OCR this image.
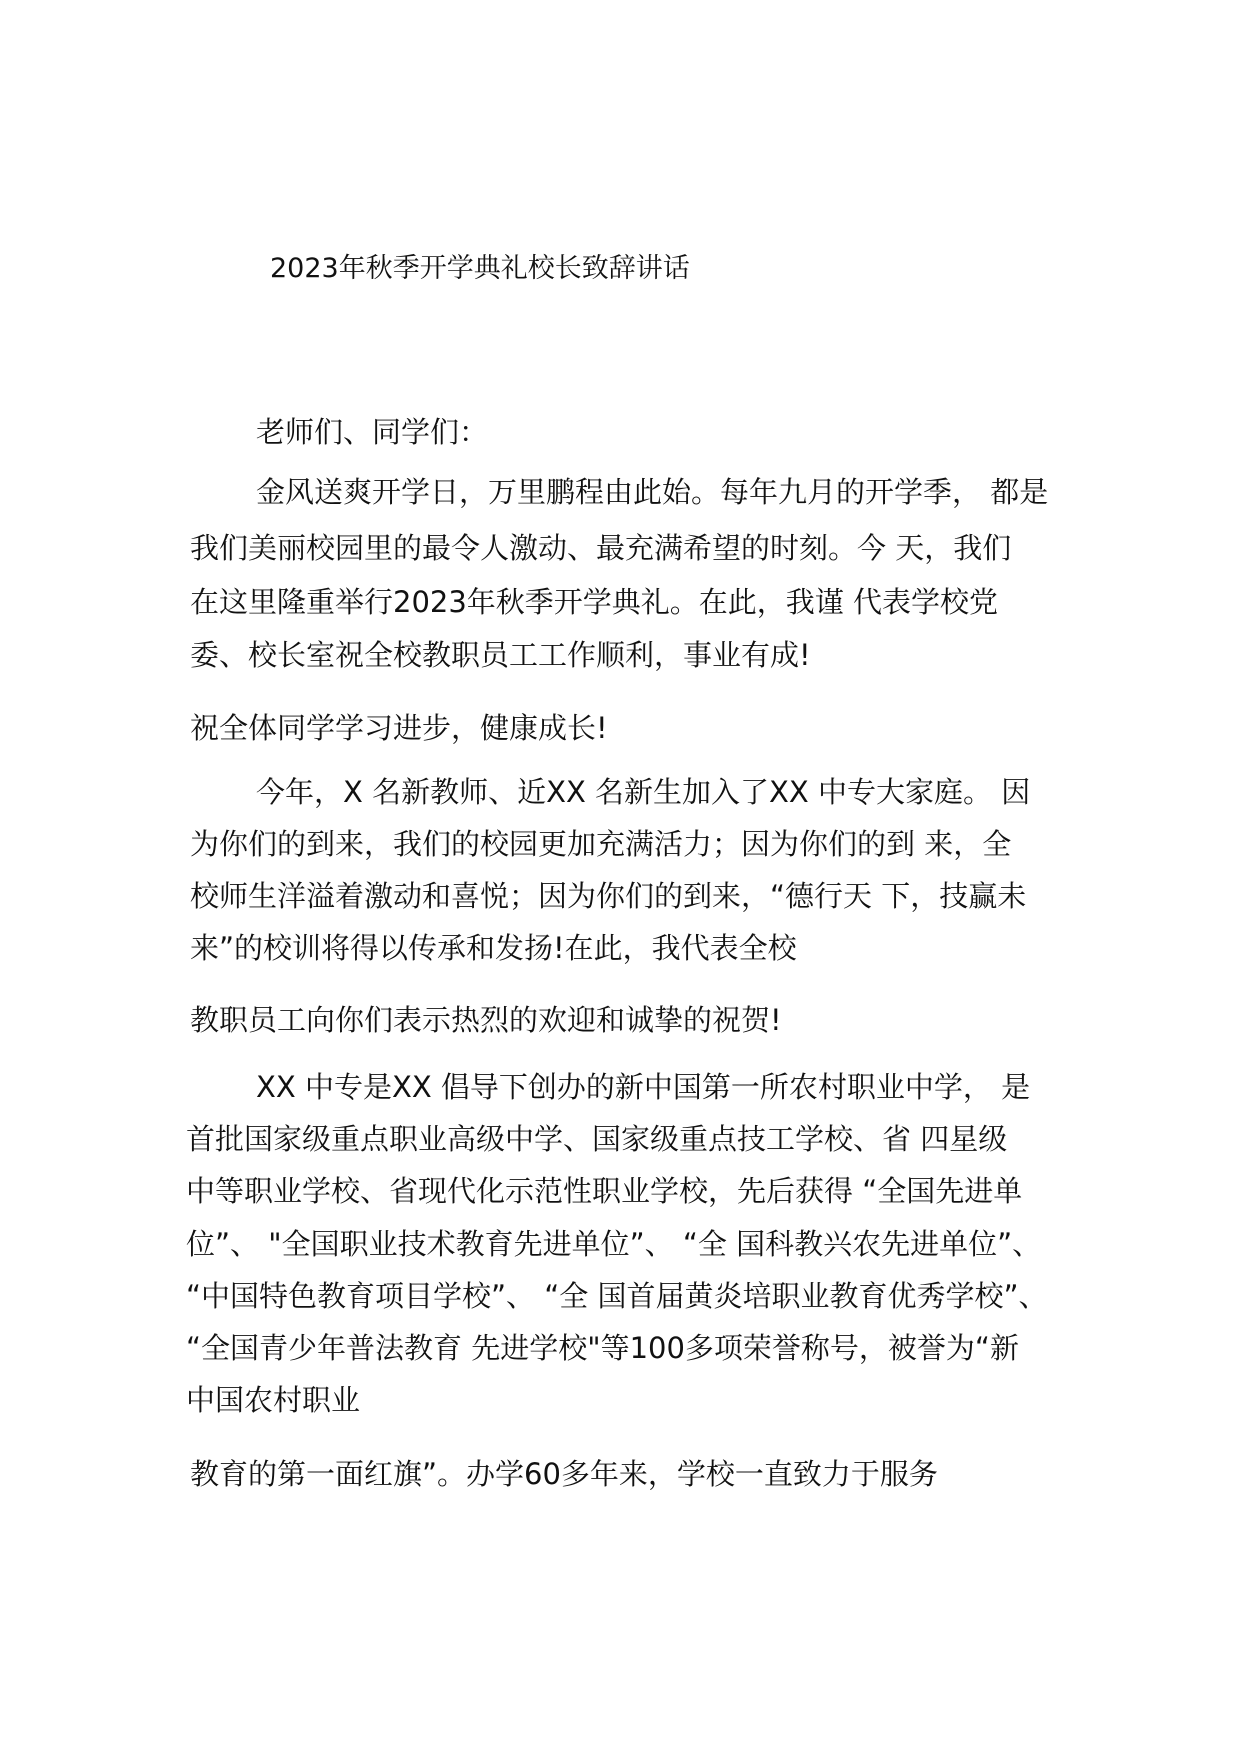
2023年秋季开学典礼校长致辞讲话
老师们、同学们：
金风送爽开学日，万里鹏程由此始。每年九月的开学季， 都是
我们美丽校园里的最令人激动、最充满希望的时刻。今 天，我们
在这里隆重举行2023年秋季开学典礼。在此，我谨 代表学校党
委、校长室祝全校教职员工工作顺利，事业有成!
祝全体同学学习进步，健康成长!
今年，X 名新教师、近XX 名新生加入了XX 中专大家庭。 因
为你们的到来，我们的校园更加充满活力；因为你们的到 来，全
校师生洋溢着激动和喜悦；因为你们的到来，“德行天 下，技赢未
来”的校训将得以传承和发扬!在此，我代表全校
教职员工向你们表示热烈的欢迎和诚挚的祝贺!
XX 中专是XX 倡导下创办的新中国第一所农村职业中学， 是
首批国家级重点职业高级中学、国家级重点技工学校、省 四星级
中等职业学校、省现代化示范性职业学校，先后获得 “全国先进单
位”、 "全国职业技术教育先进单位”、 “全 国科教兴农先进单位”、
“中国特色教育项目学校”、 “全 国首届黄炎培职业教育优秀学校”、
“全国青少年普法教育 先进学校"等100多项荣誉称号，被誉为“新
中国农村职业
教育的第一面红旗”。办学60多年来，学校一直致力于服务
